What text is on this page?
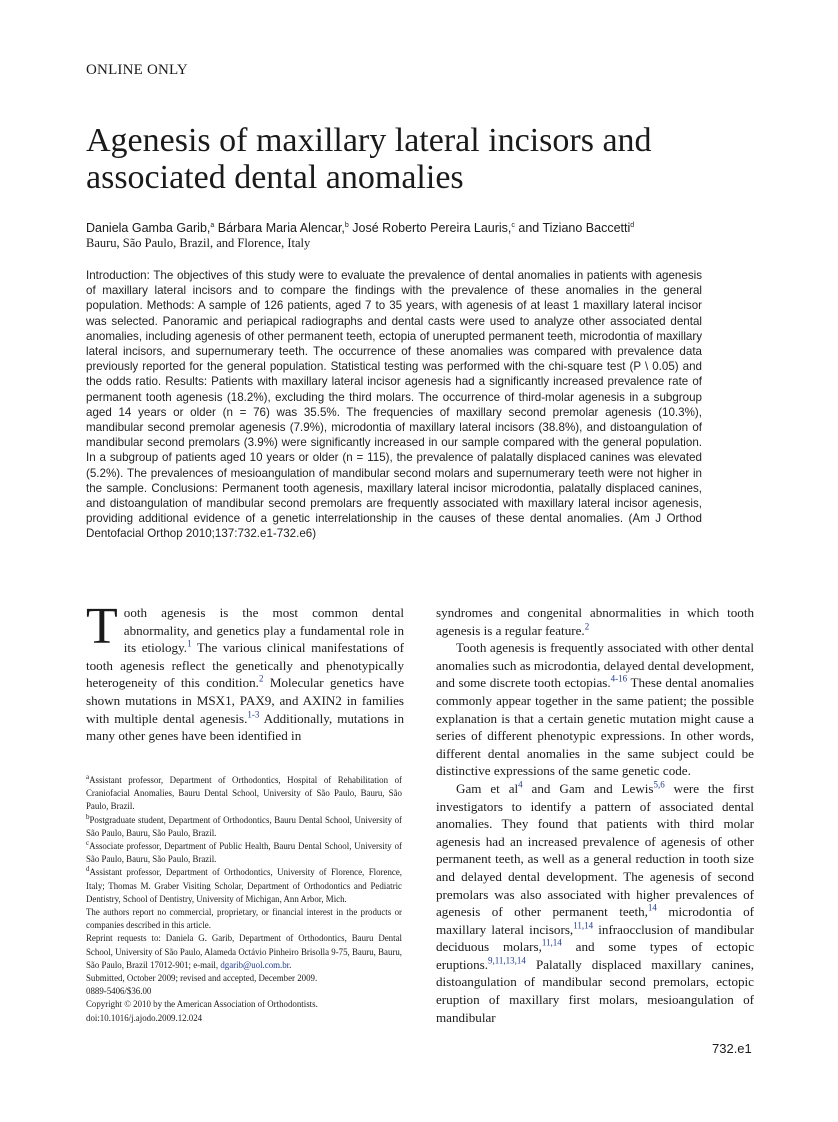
ONLINE ONLY
Agenesis of maxillary lateral incisors and
associated dental anomalies
Daniela Gamba Garib,$^a$ Bárbara Maria Alencar,$^b$ José Roberto Pereira Lauris,$^c$ and Tiziano Baccetti$^d$
Bauru, São Paulo, Brazil, and Florence, Italy

Introduction: The objectives of this study were to evaluate the prevalence of dental anomalies in patients with agenesis of maxillary lateral incisors and to compare the findings with the prevalence of these anomalies in the general population. Methods: A sample of 126 patients, aged 7 to 35 years, with agenesis of at least 1 maxillary lateral incisor was selected. Panoramic and periapical radiographs and dental casts were used to analyze other associated dental anomalies, including agenesis of other permanent teeth, ectopia of unerupted permanent teeth, microdontia of maxillary lateral incisors, and supernumerary teeth. The occurrence of these anomalies was compared with prevalence data previously reported for the general population. Statistical testing was performed with the chi-square test (P \ 0.05) and the odds ratio. Results: Patients with maxillary lateral incisor agenesis had a significantly increased prevalence rate of permanent tooth agenesis (18.2%), excluding the third molars. The occurrence of third-molar agenesis in a subgroup aged 14 years or older (n = 76) was 35.5%. The frequencies of maxillary second premolar agenesis (10.3%), mandibular second premolar agenesis (7.9%), microdontia of maxillary lateral incisors (38.8%), and distoangulation of mandibular second premolars (3.9%) were significantly increased in our sample compared with the general population. In a subgroup of patients aged 10 years or older (n = 115), the prevalence of palatally displaced canines was elevated (5.2%). The prevalences of mesioangulation of mandibular second molars and supernumerary teeth were not higher in the sample. Conclusions: Permanent tooth agenesis, maxillary lateral incisor microdontia, palatally displaced canines, and distoangulation of mandibular second premolars are frequently associated with maxillary lateral incisor agenesis, providing additional evidence of a genetic interrelationship in the causes of these dental anomalies. (Am J Orthod Dentofacial Orthop 2010;137:732.e1-732.e6)

Tooth agenesis is the most common dental abnormality, and genetics play a fundamental role in its etiology.$^1$ The various clinical manifestations of tooth agenesis reflect the genetically and phenotypically heterogeneity of this condition.$^2$ Molecular genetics have shown mutations in MSX1, PAX9, and AXIN2 in families with multiple dental agenesis.$^{1-3}$ Additionally, mutations in many other genes have been identified in

syndromes and congenital abnormalities in which tooth agenesis is a regular feature.$^2$

Tooth agenesis is frequently associated with other dental anomalies such as microdontia, delayed dental development, and some discrete tooth ectopias.$^{4-16}$ These dental anomalies commonly appear together in the same patient; the possible explanation is that a certain genetic mutation might cause a series of different phenotypic expressions. In other words, different dental anomalies in the same subject could be distinctive expressions of the same genetic code.

Gam et al$^4$ and Gam and Lewis$^{5,6}$ were the first investigators to identify a pattern of associated dental anomalies. They found that patients with third molar agenesis had an increased prevalence of agenesis of other permanent teeth, as well as a general reduction in tooth size and delayed dental development. The agenesis of second premolars was also associated with higher prevalences of agenesis of other permanent teeth,$^{14}$ microdontia of maxillary lateral incisors,$^{11,14}$ infraocclusion of mandibular deciduous molars,$^{11,14}$ and some types of ectopic eruptions.$^{9,11,13,14}$ Palatally displaced maxillary canines, distoangulation of mandibular second premolars, ectopic eruption of maxillary first molars, mesioangulation of mandibular

$^a$Assistant professor, Department of Orthodontics, Hospital of Rehabilitation of Craniofacial Anomalies, Bauru Dental School, University of São Paulo, Bauru, São Paulo, Brazil.

$^b$Postgraduate student, Department of Orthodontics, Bauru Dental School, University of São Paulo, Bauru, São Paulo, Brazil.

$^c$Associate professor, Department of Public Health, Bauru Dental School, University of São Paulo, Bauru, São Paulo, Brazil.

$^d$Assistant professor, Department of Orthodontics, University of Florence, Florence, Italy; Thomas M. Graber Visiting Scholar, Department of Orthodontics and Pediatric Dentistry, School of Dentistry, University of Michigan, Ann Arbor, Mich.

The authors report no commercial, proprietary, or financial interest in the products or companies described in this article.

Reprint requests to: Daniela G. Garib, Department of Orthodontics, Bauru Dental School, University of São Paulo, Alameda Octávio Pinheiro Brisolla 9-75, Bauru, Bauru, São Paulo, Brazil 17012-901; e-mail, dgarib@uol.com.br.

Submitted, October 2009; revised and accepted, December 2009.

0889-5406/$36.00

Copyright © 2010 by the American Association of Orthodontists.

doi:10.1016/j.ajodo.2009.12.024

732.e1
